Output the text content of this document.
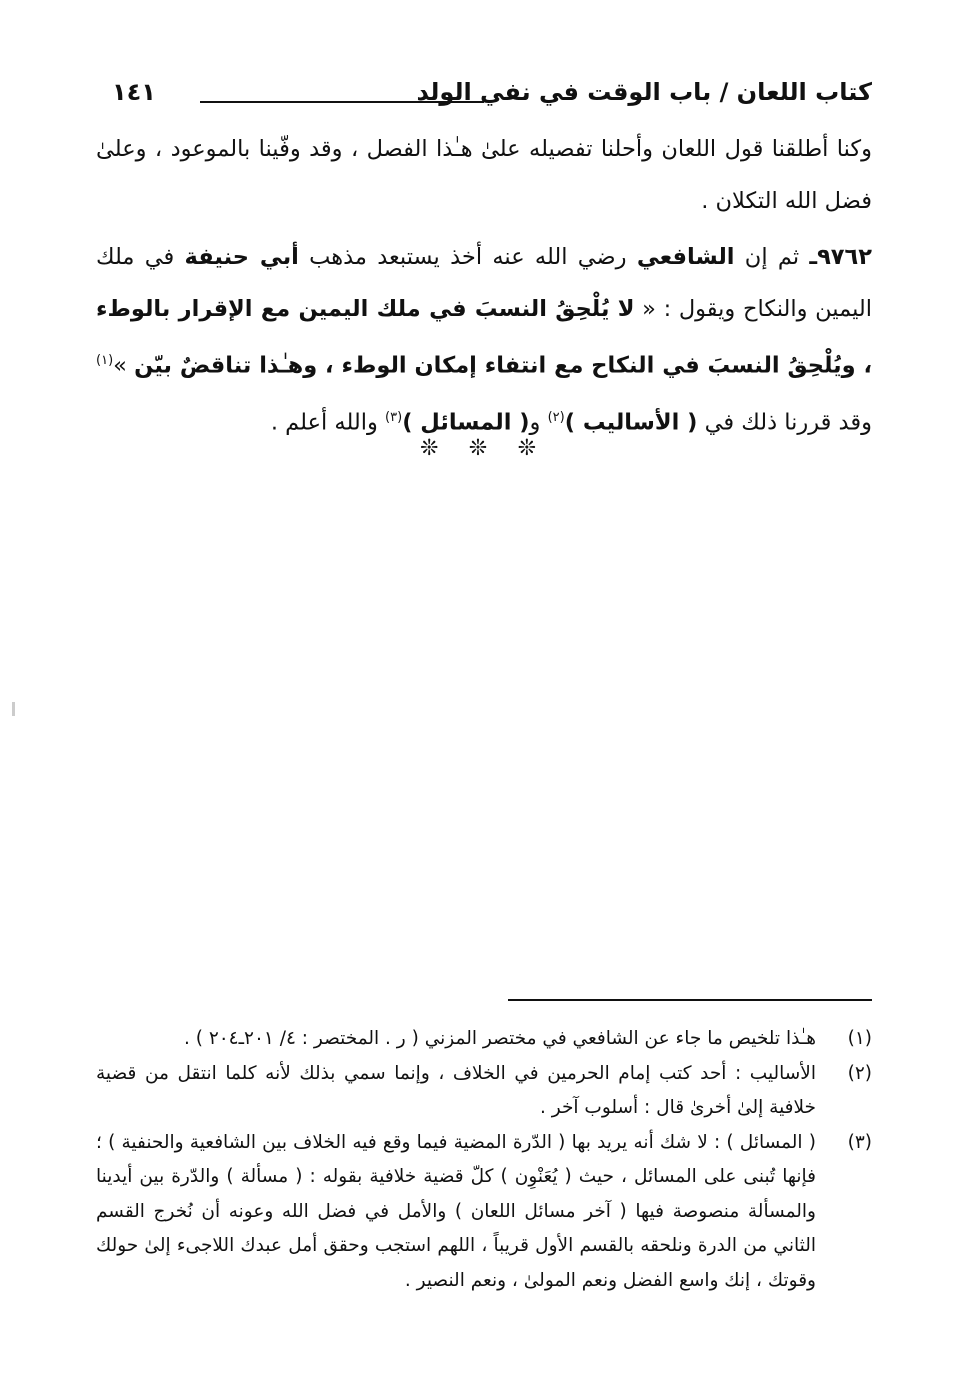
كتاب اللعان / باب الوقت في نفي الولد
١٤١
وكنا أطلقنا قول اللعان وأحلنا تفصيله علىٰ هـٰذا الفصل ، وقد وفّينا بالموعود ، وعلىٰ فضل الله التكلان .
٩٧٦٢ـ ثم إن الشافعي رضي الله عنه أخذ يستبعد مذهب أبي حنيفة في ملك اليمين والنكاح ويقول : « لا يُلْحِقُ النسبَ في ملك اليمين مع الإقرار بالوطء ، ويُلْحِقُ النسبَ في النكاح مع انتفاء إمكان الوطء ، وهـٰذا تناقضٌ بيّن »$^{(١)}$ وقد قررنا ذلك في ( الأساليب )$^{(٢)}$ و( المسائل )$^{(٣)}$ والله أعلم .
❊ ❊ ❊
(١)
هـٰذا تلخيص ما جاء عن الشافعي في مختصر المزني ( ر . المختصر : ٤/ ٢٠١ـ٢٠٤ ) .
(٢)
الأساليب : أحد كتب إمام الحرمين في الخلاف ، وإنما سمي بذلك لأنه كلما انتقل من قضية خلافية إلىٰ أخرىٰ قال : أسلوب آخر .
(٣)
( المسائل ) : لا شك أنه يريد بها ( الدّرة المضية فيما وقع فيه الخلاف بين الشافعية والحنفية ) ؛ فإنها تُبنى على المسائل ، حيث ( يُعَنْوِن ) كلّ قضية خلافية بقوله : ( مسألة ) والدّرة بين أيدينا والمسألة منصوصة فيها ( آخر مسائل اللعان ) والأمل في فضل الله وعونه أن نُخرج القسم الثاني من الدرة ونلحقه بالقسم الأول قريباً ، اللهم استجب وحقق أمل عبدك اللاجىء إلىٰ حولك وقوتك ، إنك واسع الفضل ونعم المولىٰ ، ونعم النصير .
